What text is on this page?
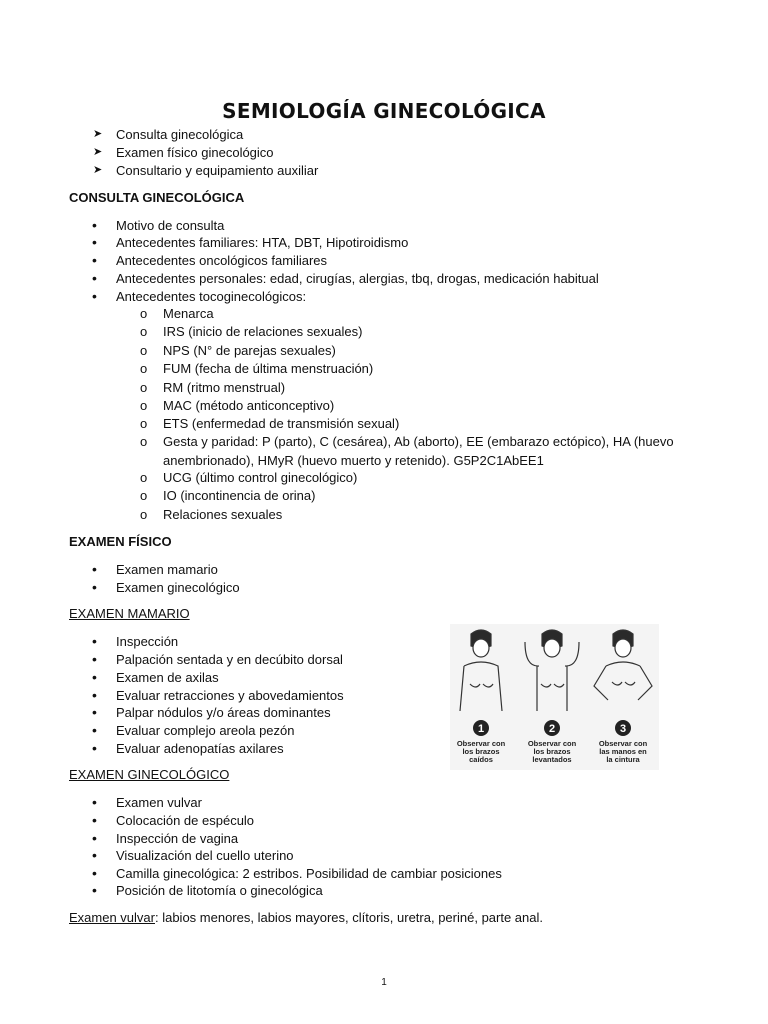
SEMIOLOGÍA GINECOLÓGICA
➤ Consulta ginecológica
➤ Examen físico ginecológico
➤ Consultario y equipamiento auxiliar
CONSULTA GINECOLÓGICA
• Motivo de consulta
• Antecedentes familiares: HTA, DBT, Hipotiroidismo
• Antecedentes oncológicos familiares
• Antecedentes personales: edad, cirugías, alergias, tbq, drogas, medicación habitual
• Antecedentes tocoginecológicos:
o Menarca
o IRS (inicio de relaciones sexuales)
o NPS (N° de parejas sexuales)
o FUM (fecha de última menstruación)
o RM (ritmo menstrual)
o MAC (método anticonceptivo)
o ETS (enfermedad de transmisión sexual)
o Gesta y paridad: P (parto), C (cesárea), Ab (aborto), EE (embarazo ectópico), HA (huevo
anembrionado), HMyR (huevo muerto y retenido). G5P2C1AbEE1
o UCG (último control ginecológico)
o IO (incontinencia de orina)
o Relaciones sexuales
EXAMEN FÍSICO
• Examen mamario
• Examen ginecológico
EXAMEN MAMARIO
• Inspección
• Palpación sentada y en decúbito dorsal
• Examen de axilas
• Evaluar retracciones y abovedamientos
• Palpar nódulos y/o áreas dominantes
• Evaluar complejo areola pezón
• Evaluar adenopatías axilares
1	2	3
Observar con
los brazos
caídos
Observar con
los brazos
levantados
Observar con
las manos en
la cintura
EXAMEN GINECOLÓGICO
• Examen vulvar
• Colocación de espéculo
• Inspección de vagina
• Visualización del cuello uterino
• Camilla ginecológica: 2 estribos. Posibilidad de cambiar posiciones
• Posición de litotomía o ginecológica
Examen vulvar: labios menores, labios mayores, clítoris, uretra, periné, parte anal.
1
